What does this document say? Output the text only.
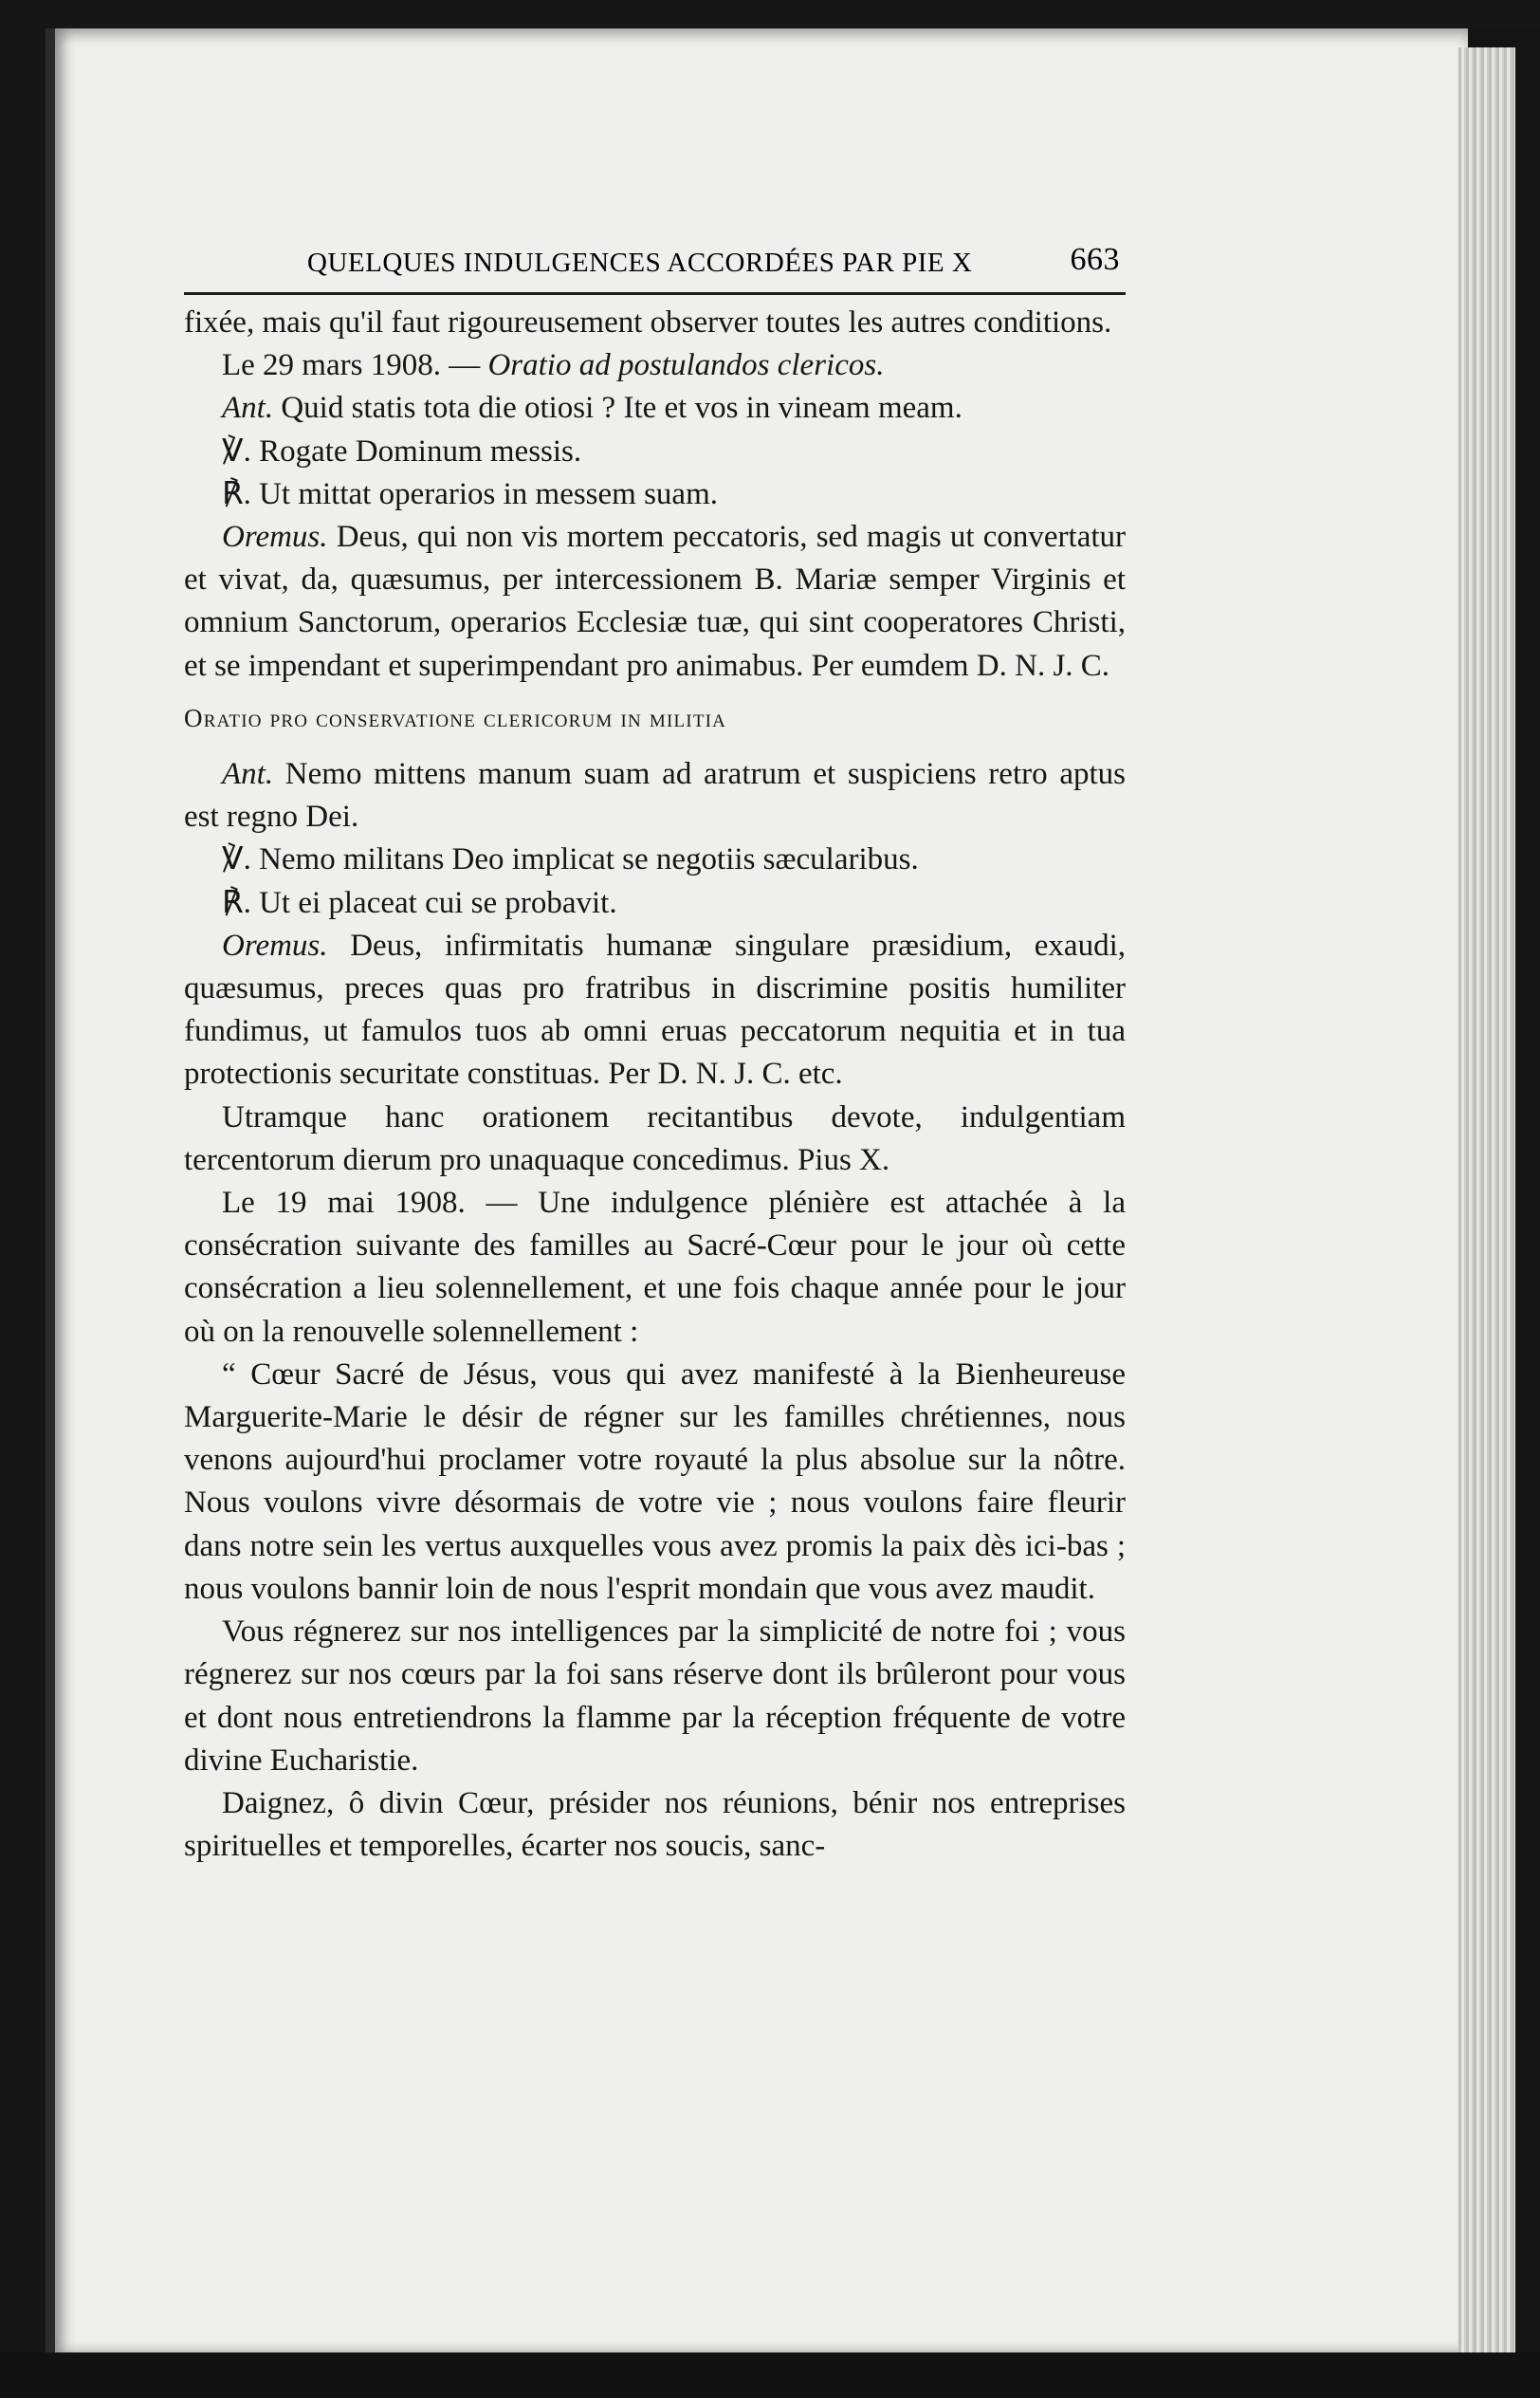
QUELQUES INDULGENCES ACCORDÉES PAR PIE X	663

fixée, mais qu'il faut rigoureusement observer toutes les autres conditions.

Le 29 mars 1908. — Oratio ad postulandos clericos.

Ant. Quid statis tota die otiosi ? Ite et vos in vineam meam.

℣. Rogate Dominum messis.

℟. Ut mittat operarios in messem suam.

Oremus. Deus, qui non vis mortem peccatoris, sed magis ut convertatur et vivat, da, quæsumus, per intercessionem B. Mariæ semper Virginis et omnium Sanctorum, operarios Ecclesiæ tuæ, qui sint cooperatores Christi, et se impendant et superimpendant pro animabus. Per eumdem D. N. J. C.

Oratio pro conservatione clericorum in militia

Ant. Nemo mittens manum suam ad aratrum et suspiciens retro aptus est regno Dei.

℣. Nemo militans Deo implicat se negotiis sæcularibus.

℟. Ut ei placeat cui se probavit.

Oremus. Deus, infirmitatis humanæ singulare præsidium, exaudi, quæsumus, preces quas pro fratribus in discrimine positis humiliter fundimus, ut famulos tuos ab omni eruas peccatorum nequitia et in tua protectionis securitate constituas. Per D. N. J. C. etc.

Utramque hanc orationem recitantibus devote, indulgentiam tercentorum dierum pro unaquaque concedimus. Pius X.

Le 19 mai 1908. — Une indulgence plénière est attachée à la consécration suivante des familles au Sacré-Cœur pour le jour où cette consécration a lieu solennellement, et une fois chaque année pour le jour où on la renouvelle solennellement :

“ Cœur Sacré de Jésus, vous qui avez manifesté à la Bienheureuse Marguerite-Marie le désir de régner sur les familles chrétiennes, nous venons aujourd'hui proclamer votre royauté la plus absolue sur la nôtre. Nous voulons vivre désormais de votre vie ; nous voulons faire fleurir dans notre sein les vertus auxquelles vous avez promis la paix dès ici-bas ; nous voulons bannir loin de nous l'esprit mondain que vous avez maudit.

Vous régnerez sur nos intelligences par la simplicité de notre foi ; vous régnerez sur nos cœurs par la foi sans réserve dont ils brûleront pour vous et dont nous entretiendrons la flamme par la réception fréquente de votre divine Eucharistie.

Daignez, ô divin Cœur, présider nos réunions, bénir nos entreprises spirituelles et temporelles, écarter nos soucis, sanc-
